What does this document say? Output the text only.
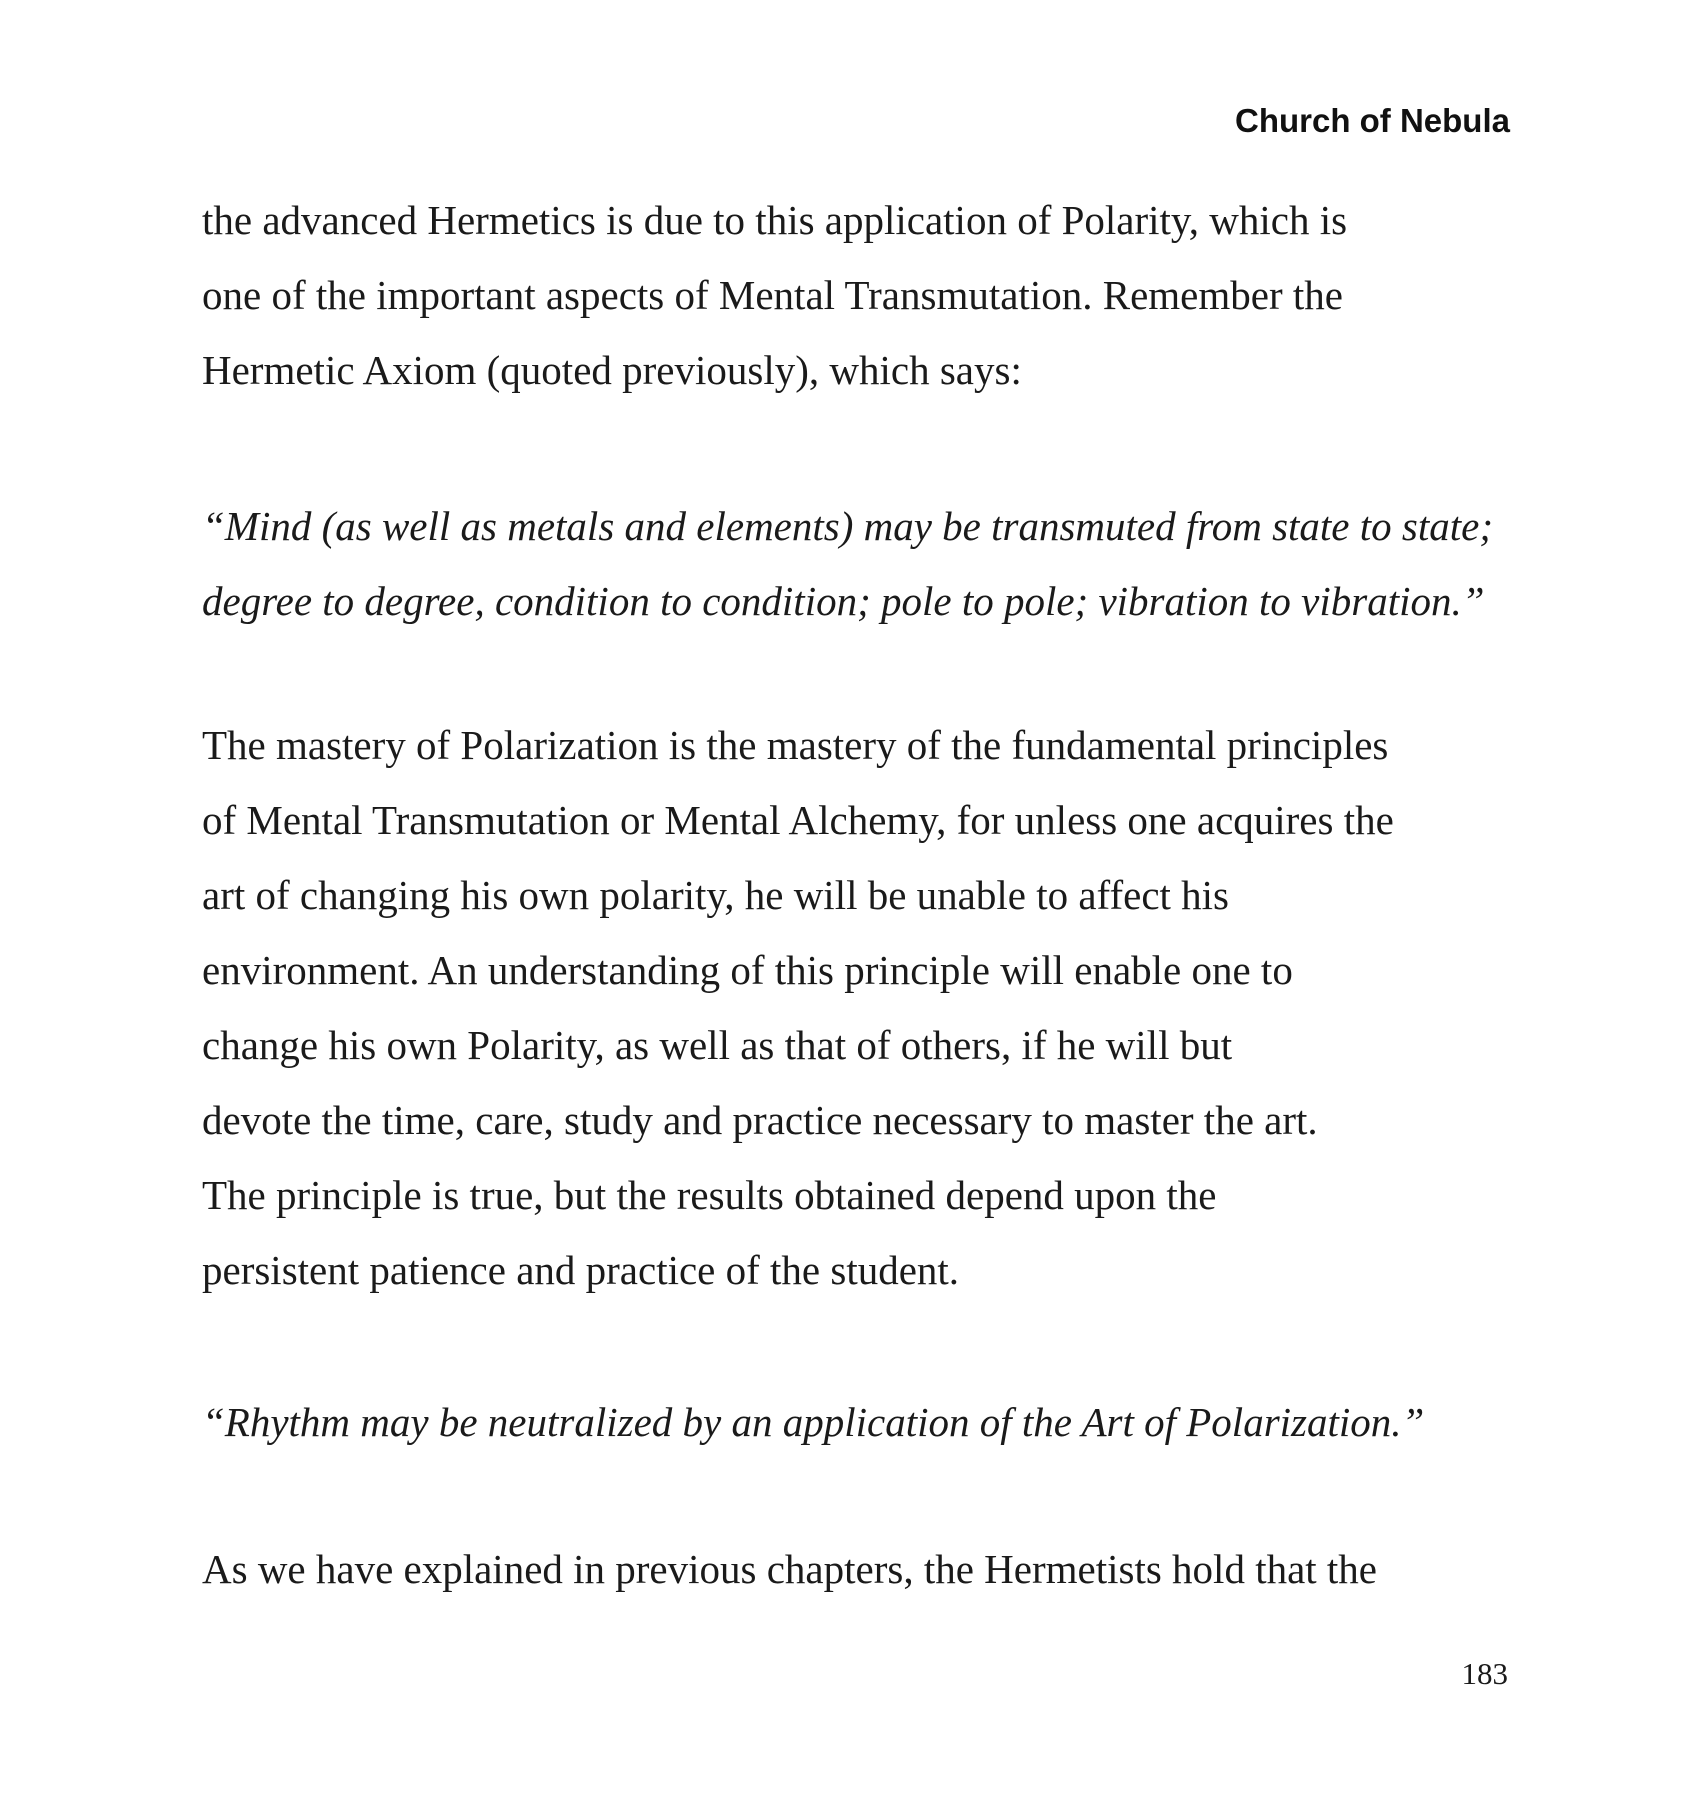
Church of Nebula
the advanced Hermetics is due to this application of Polarity, which is
one of the important aspects of Mental Transmutation. Remember the
Hermetic Axiom (quoted previously), which says:
“Mind (as well as metals and elements) may be transmuted from state to state;
degree to degree, condition to condition; pole to pole; vibration to vibration.”
The mastery of Polarization is the mastery of the fundamental principles
of Mental Transmutation or Mental Alchemy, for unless one acquires the
art of changing his own polarity, he will be unable to affect his
environment. An understanding of this principle will enable one to
change his own Polarity, as well as that of others, if he will but
devote the time, care, study and practice necessary to master the art.
The principle is true, but the results obtained depend upon the
persistent patience and practice of the student.
“Rhythm may be neutralized by an application of the Art of Polarization.”
As we have explained in previous chapters, the Hermetists hold that the
183
